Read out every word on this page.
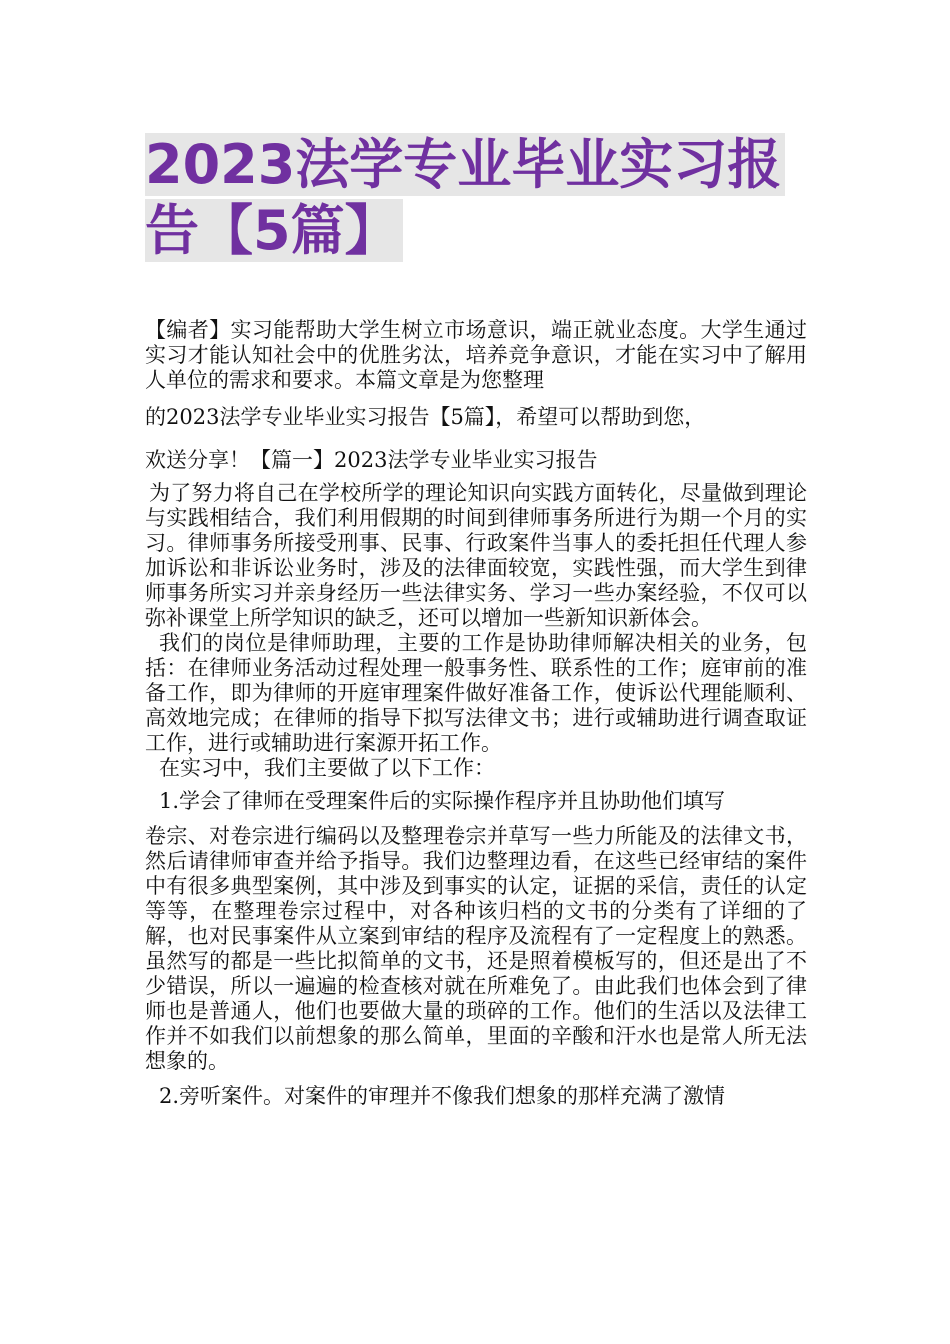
2023法学专业毕业实习报告【5篇】

【编者】实习能帮助大学生树立市场意识，端正就业态度。大学生通过实习才能认知社会中的优胜劣汰，培养竞争意识，才能在实习中了解用人单位的需求和要求。本篇文章是为您整理
的2023法学专业毕业实习报告【5篇】，希望可以帮助到您，
欢送分享！【篇一】2023法学专业毕业实习报告

为了努力将自己在学校所学的理论知识向实践方面转化，尽量做到理论与实践相结合，我们利用假期的时间到律师事务所进行为期一个月的实习。律师事务所接受刑事、民事、行政案件当事人的委托担任代理人参加诉讼和非诉讼业务时，涉及的法律面较宽，实践性强，而大学生到律师事务所实习并亲身经历一些法律实务、学习一些办案经验，不仅可以弥补课堂上所学知识的缺乏，还可以增加一些新知识新体会。

我们的岗位是律师助理，主要的工作是协助律师解决相关的业务，包括：在律师业务活动过程处理一般事务性、联系性的工作；庭审前的准备工作，即为律师的开庭审理案件做好准备工作，使诉讼代理能顺利、高效地完成；在律师的指导下拟写法律文书；进行或辅助进行调查取证工作，进行或辅助进行案源开拓工作。

在实习中，我们主要做了以下工作：

1.学会了律师在受理案件后的实际操作程序并且协助他们填写
卷宗、对卷宗进行编码以及整理卷宗并草写一些力所能及的法律文书，然后请律师审查并给予指导。我们边整理边看，在这些已经审结的案件中有很多典型案例，其中涉及到事实的认定，证据的采信，责任的认定等等，在整理卷宗过程中，对各种该归档的文书的分类有了详细的了解，也对民事案件从立案到审结的程序及流程有了一定程度上的熟悉。虽然写的都是一些比拟简单的文书，还是照着模板写的，但还是出了不少错误，所以一遍遍的检查核对就在所难免了。由此我们也体会到了律师也是普通人，他们也要做大量的琐碎的工作。他们的生活以及法律工作并不如我们以前想象的那么简单，里面的辛酸和汗水也是常人所无法想象的。

2.旁听案件。对案件的审理并不像我们想象的那样充满了激情
